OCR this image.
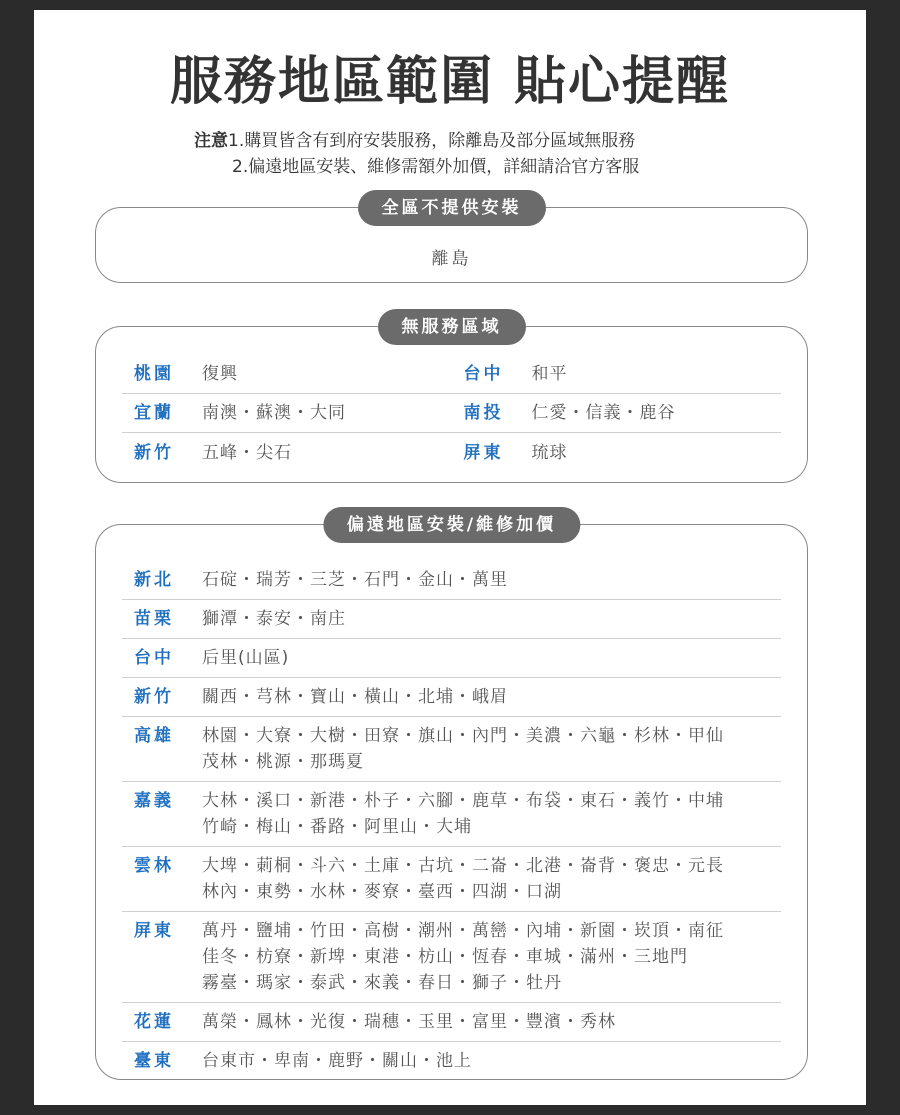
服務地區範圍 貼心提醒
注意1.購買皆含有到府安裝服務，除離島及部分區域無服務
2.偏遠地區安裝、維修需額外加價，詳細請洽官方客服
全區不提供安裝
離島
無服務區域
桃園	復興	台中	和平
宜蘭	南澳・蘇澳・大同	南投	仁愛・信義・鹿谷
新竹	五峰・尖石	屏東	琉球
偏遠地區安裝/維修加價
新北	石碇・瑞芳・三芝・石門・金山・萬里
苗栗	獅潭・泰安・南庄
台中	后里(山區)
新竹	關西・芎林・寶山・橫山・北埔・峨眉
高雄	林園・大寮・大樹・田寮・旗山・內門・美濃・六龜・杉林・甲仙
茂林・桃源・那瑪夏
嘉義	大林・溪口・新港・朴子・六腳・鹿草・布袋・東石・義竹・中埔
竹崎・梅山・番路・阿里山・大埔
雲林	大埤・莿桐・斗六・土庫・古坑・二崙・北港・崙背・褒忠・元長
林內・東勢・水林・麥寮・臺西・四湖・口湖
屏東	萬丹・鹽埔・竹田・高樹・潮州・萬巒・內埔・新園・崁頂・南征
佳冬・枋寮・新埤・東港・枋山・恆春・車城・滿州・三地門
霧臺・瑪家・泰武・來義・春日・獅子・牡丹
花蓮	萬榮・鳳林・光復・瑞穗・玉里・富里・豐濱・秀林
臺東	台東市・卑南・鹿野・關山・池上
